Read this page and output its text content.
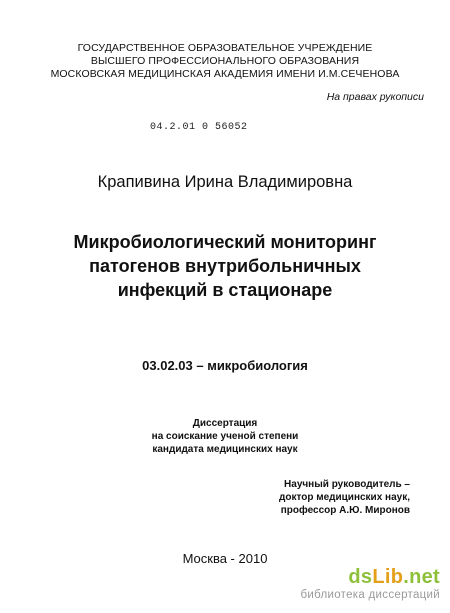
ГОСУДАРСТВЕННОЕ ОБРАЗОВАТЕЛЬНОЕ УЧРЕЖДЕНИЕ
ВЫСШЕГО ПРОФЕССИОНАЛЬНОГО ОБРАЗОВАНИЯ
МОСКОВСКАЯ МЕДИЦИНСКАЯ АКАДЕМИЯ ИМЕНИ И.М.СЕЧЕНОВА
На правах рукописи
04.2.01 0 56052
Крапивина Ирина Владимировна
Микробиологический мониторинг
патогенов внутрибольничных
инфекций в стационаре
03.02.03 – микробиология
Диссертация
на соискание ученой степени
кандидата медицинских наук
Научный руководитель –
доктор медицинских наук,
профессор А.Ю. Миронов
Москва - 2010
dsLib.net
библиотека диссертаций
